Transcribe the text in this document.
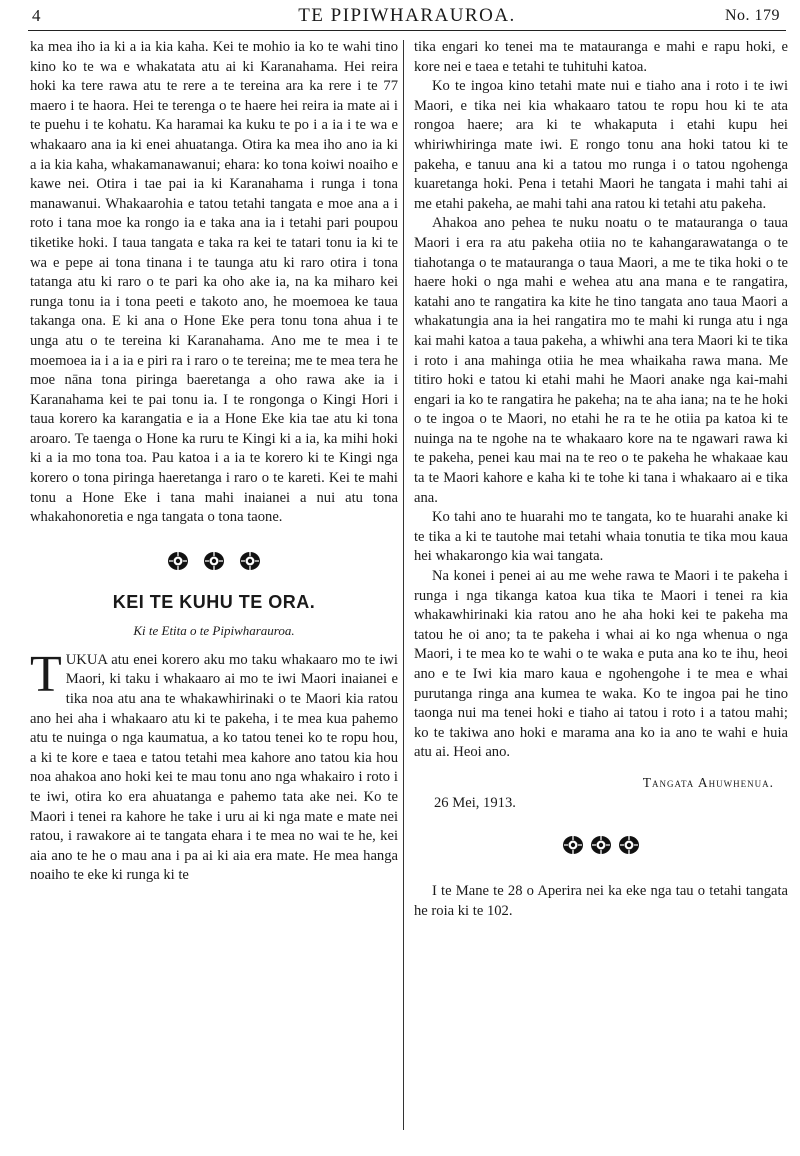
4	TE PIPIWHARAUROA.	No. 179

ka mea iho ia ki a ia kia kaha. Kei te mohio ia ko te wahi tino kino ko te wa e whakatata atu ai ki Karanahama. Hei reira hoki ka tere rawa atu te rere a te tereina ara ka rere i te 77 maero i te haora. Hei te terenga o te haere hei reira ia mate ai i te puehu i te kohatu. Ka haramai ka kuku te po i a ia i te wa e whakaaro ana ia ki enei ahuatanga. Otira ka mea iho ano ia ki a ia kia kaha, whakamanawanui; ehara: ko tona koiwi noaiho e kawe nei. Otira i tae pai ia ki Karanahama i runga i tona manawanui. Whakaarohia e tatou tetahi tangata e moe ana a i roto i tana moe ka rongo ia e taka ana ia i tetahi pari poupou tiketike hoki. I taua tangata e taka ra kei te tatari tonu ia ki te wa e pepe ai tona tinana i te taunga atu ki raro otira i tona tatanga atu ki raro o te pari ka oho ake ia, na ka miharo kei runga tonu ia i tona peeti e takoto ano, he moemoea ke taua takanga ona. E ki ana o Hone Eke pera tonu tona ahua i te unga atu o te tereina ki Karanahama. Ano me te mea i te moemoea ia i a ia e piri ra i raro o te tereina; me te mea tera he moe nāna tona piringa baeretanga a oho rawa ake ia i Karanahama kei te pai tonu ia. I te rongonga o Kingi Hori i taua korero ka karangatia e ia a Hone Eke kia tae atu ki tona aroaro. Te taenga o Hone ka ruru te Kingi ki a ia, ka mihi hoki ki a ia mo tona toa. Pau katoa i a ia te korero ki te Kingi nga korero o tona piringa haeretanga i raro o te kareti. Kei te mahi tonu a Hone Eke i tana mahi inaianei a nui atu tona whakahonoretia e nga tangata o tona taone.

KEI TE KUHU TE ORA.
Ki te Etita o te Pipiwharauroa.

TUKUA atu enei korero aku mo taku whakaaro mo te iwi Maori, ki taku i whakaaro ai mo te iwi Maori inaianei e tika noa atu ana te whakawhirinaki o te Maori kia ratou ano hei aha i whakaaro atu ki te pakeha, i te mea kua pahemo atu te nuinga o nga kaumatua, a ko tatou tenei ko te ropu hou, a ki te kore e taea e tatou tetahi mea kahore ano tatou kia hou noa ahakoa ano hoki kei te mau tonu ano nga whakairo i roto i te iwi, otira ko era ahuatanga e pahemo tata ake nei. Ko te Maori i tenei ra kahore he take i uru ai ki nga mate e mate nei ratou, i rawakore ai te tangata ehara i te mea no wai te he, kei aia ano te he o mau ana i pa ai ki aia era mate. He mea hanga noaiho te eke ki runga ki te

tika engari ko tenei ma te matauranga e mahi e rapu hoki, e kore nei e taea e tetahi te tuhituhi katoa.

Ko te ingoa kino tetahi mate nui e tiaho ana i roto i te iwi Maori, e tika nei kia whakaaro tatou te ropu hou ki te ata rongoa haere; ara ki te whakaputa i etahi kupu hei whiriwhiringa mate iwi. E rongo tonu ana hoki tatou ki te pakeha, e tanuu ana ki a tatou mo runga i o tatou ngohenga kuaretanga hoki. Pena i tetahi Maori he tangata i mahi tahi ai me etahi pakeha, ae mahi tahi ana ratou ki tetahi atu pakeha.

Ahakoa ano pehea te nuku noatu o te matauranga o taua Maori i era ra atu pakeha otiia no te kahangarawatanga o te tiahotanga o te matauranga o taua Maori, a me te tika hoki o te haere hoki o nga mahi e wehea atu ana mana e te rangatira, katahi ano te rangatira ka kite he tino tangata ano taua Maori a whakatungia ana ia hei rangatira mo te mahi ki runga atu i nga kai mahi katoa a taua pakeha, a whiwhi ana tera Maori ki te tika i roto i ana mahinga otiia he mea whaikaha rawa mana. Me titiro hoki e tatou ki etahi mahi he Maori anake nga kai-mahi engari ia ko te rangatira he pakeha; na te aha iana; na te he hoki o te ingoa o te Maori, no etahi he ra te he otiia pa katoa ki te nuinga na te ngohe na te whakaaro kore na te ngawari rawa ki te pakeha, penei kau mai na te reo o te pakeha he whakaae kau ta te Maori kahore e kaha ki te tohe ki tana i whakaaro ai e tika ana.

Ko tahi ano te huarahi mo te tangata, ko te huarahi anake ki te tika a ki te tautohe mai tetahi whaia tonutia te tika mou kaua hei whakarongo kia wai tangata.

Na konei i penei ai au me wehe rawa te Maori i te pakeha i runga i nga tikanga katoa kua tika te Maori i tenei ra kia whakawhirinaki kia ratou ano he aha hoki kei te pakeha ma tatou he oi ano; ta te pakeha i whai ai ko nga whenua o nga Maori, i te mea ko te wahi o te waka e puta ana ko te ihu, heoi ano e te Iwi kia maro kaua e ngohengohe i te mea e whai purutanga ringa ana kumea te waka. Ko te ingoa pai he tino taonga nui ma tenei hoki e tiaho ai tatou i roto i a tatou mahi; ko te takiwa ano hoki e marama ana ko ia ano te wahi e huia atu ai. Heoi ano.

Tangata Ahuwhenua.
26 Mei, 1913.

I te Mane te 28 o Aperira nei ka eke nga tau o tetahi tangata he roia ki te 102.
